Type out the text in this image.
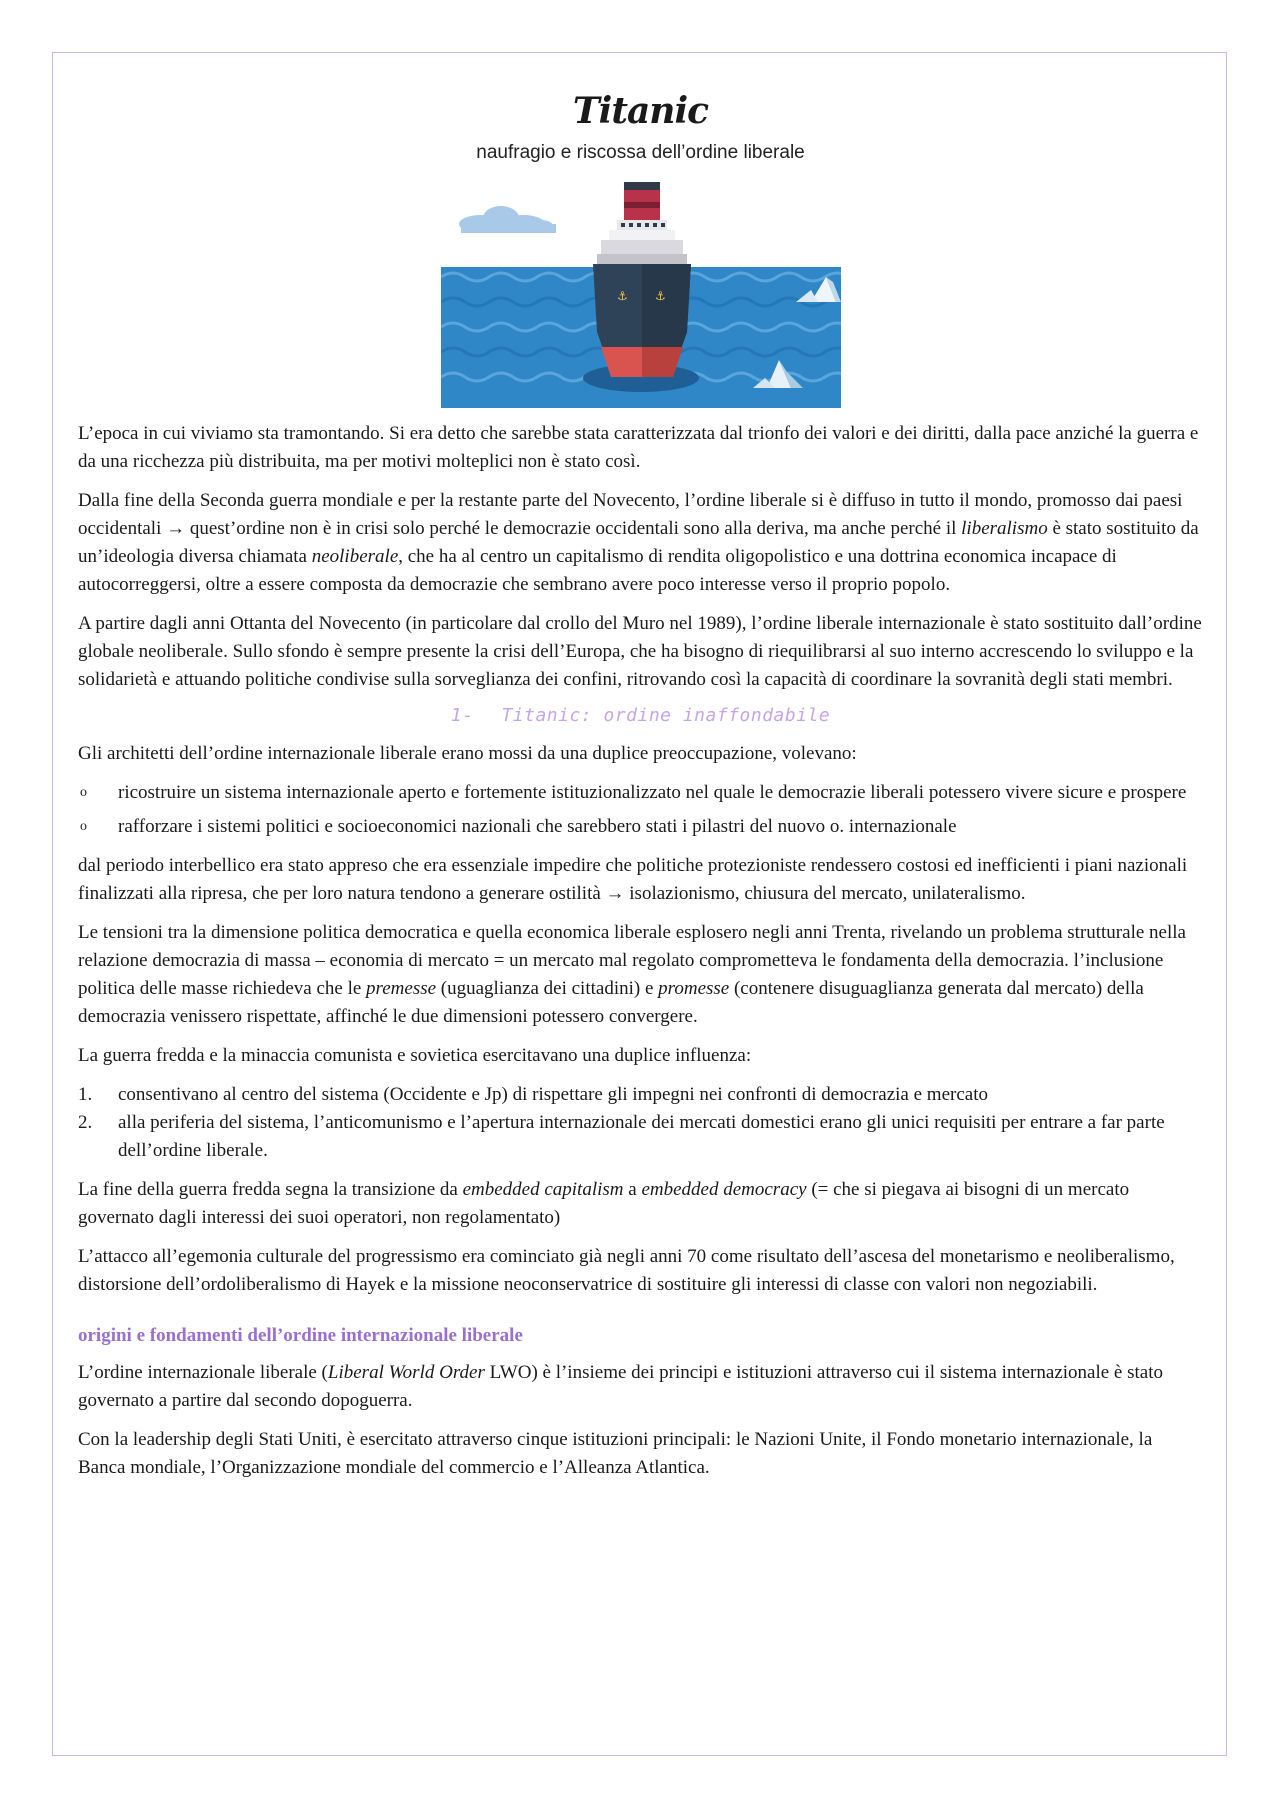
Titanic
naufragio e riscossa dell’ordine liberale
⚓ ⚓

L’epoca in cui viviamo sta tramontando. Si era detto che sarebbe stata caratterizzata dal trionfo dei valori e dei diritti, dalla pace anziché la guerra e da una ricchezza più distribuita, ma per motivi molteplici non è stato così.

Dalla fine della Seconda guerra mondiale e per la restante parte del Novecento, l’ordine liberale si è diffuso in tutto il mondo, promosso dai paesi occidentali → quest’ordine non è in crisi solo perché le democrazie occidentali sono alla deriva, ma anche perché il liberalismo è stato sostituito da un’ideologia diversa chiamata neoliberale, che ha al centro un capitalismo di rendita oligopolistico e una dottrina economica incapace di autocorreggersi, oltre a essere composta da democrazie che sembrano avere poco interesse verso il proprio popolo.

A partire dagli anni Ottanta del Novecento (in particolare dal crollo del Muro nel 1989), l’ordine liberale internazionale è stato sostituito dall’ordine globale neoliberale. Sullo sfondo è sempre presente la crisi dell’Europa, che ha bisogno di riequilibrarsi al suo interno accrescendo lo sviluppo e la solidarietà e attuando politiche condivise sulla sorveglianza dei confini, ritrovando così la capacità di coordinare la sovranità degli stati membri.

1- Titanic: ordine inaffondabile

Gli architetti dell’ordine internazionale liberale erano mossi da una duplice preoccupazione, volevano:

o ricostruire un sistema internazionale aperto e fortemente istituzionalizzato nel quale le democrazie liberali potessero vivere sicure e prospere
o rafforzare i sistemi politici e socioeconomici nazionali che sarebbero stati i pilastri del nuovo o. internazionale

dal periodo interbellico era stato appreso che era essenziale impedire che politiche protezioniste rendessero costosi ed inefficienti i piani nazionali finalizzati alla ripresa, che per loro natura tendono a generare ostilità → isolazionismo, chiusura del mercato, unilateralismo.

Le tensioni tra la dimensione politica democratica e quella economica liberale esplosero negli anni Trenta, rivelando un problema strutturale nella relazione democrazia di massa – economia di mercato = un mercato mal regolato comprometteva le fondamenta della democrazia. l’inclusione politica delle masse richiedeva che le premesse (uguaglianza dei cittadini) e promesse (contenere disuguaglianza generata dal mercato) della democrazia venissero rispettate, affinché le due dimensioni potessero convergere.

La guerra fredda e la minaccia comunista e sovietica esercitavano una duplice influenza:

1. consentivano al centro del sistema (Occidente e Jp) di rispettare gli impegni nei confronti di democrazia e mercato
2. alla periferia del sistema, l’anticomunismo e l’apertura internazionale dei mercati domestici erano gli unici requisiti per entrare a far parte dell’ordine liberale.

La fine della guerra fredda segna la transizione da embedded capitalism a embedded democracy (= che si piegava ai bisogni di un mercato governato dagli interessi dei suoi operatori, non regolamentato)

L’attacco all’egemonia culturale del progressismo era cominciato già negli anni 70 come risultato dell’ascesa del monetarismo e neoliberalismo, distorsione dell’ordoliberalismo di Hayek e la missione neoconservatrice di sostituire gli interessi di classe con valori non negoziabili.

origini e fondamenti dell’ordine internazionale liberale

L’ordine internazionale liberale (Liberal World Order LWO) è l’insieme dei principi e istituzioni attraverso cui il sistema internazionale è stato governato a partire dal secondo dopoguerra.

Con la leadership degli Stati Uniti, è esercitato attraverso cinque istituzioni principali: le Nazioni Unite, il Fondo monetario internazionale, la Banca mondiale, l’Organizzazione mondiale del commercio e l’Alleanza Atlantica.
